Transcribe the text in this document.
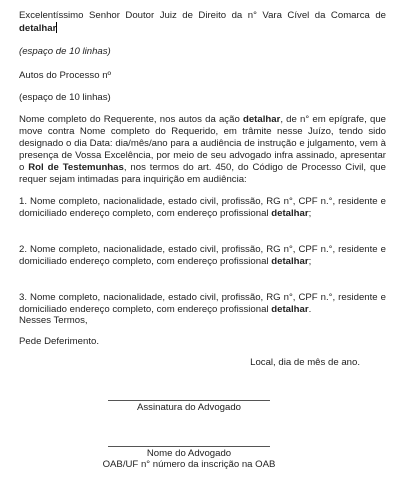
Excelentíssimo Senhor Doutor Juiz de Direito da n° Vara Cível da Comarca de detalhar

(espaço de 10 linhas)

Autos do Processo nº

(espaço de 10 linhas)

Nome completo do Requerente, nos autos da ação detalhar, de n° em epígrafe, que move contra Nome completo do Requerido, em trâmite nesse Juízo, tendo sido designado o dia Data: dia/mês/ano para a audiência de instrução e julgamento, vem à presença de Vossa Excelência, por meio de seu advogado infra assinado, apresentar o Rol de Testemunhas, nos termos do art. 450, do Código de Processo Civil, que requer sejam intimadas para inquirição em audiência:

1. Nome completo, nacionalidade, estado civil, profissão, RG n°, CPF n.°, residente e domiciliado endereço completo, com endereço profissional detalhar;

2. Nome completo, nacionalidade, estado civil, profissão, RG n°, CPF n.°, residente e domiciliado endereço completo, com endereço profissional detalhar;

3. Nome completo, nacionalidade, estado civil, profissão, RG n°, CPF n.°, residente e domiciliado endereço completo, com endereço profissional detalhar.

Nesses Termos,

Pede Deferimento.

Local, dia de mês de ano.

Assinatura do Advogado
Nome do Advogado
OAB/UF n° número da inscrição na OAB
